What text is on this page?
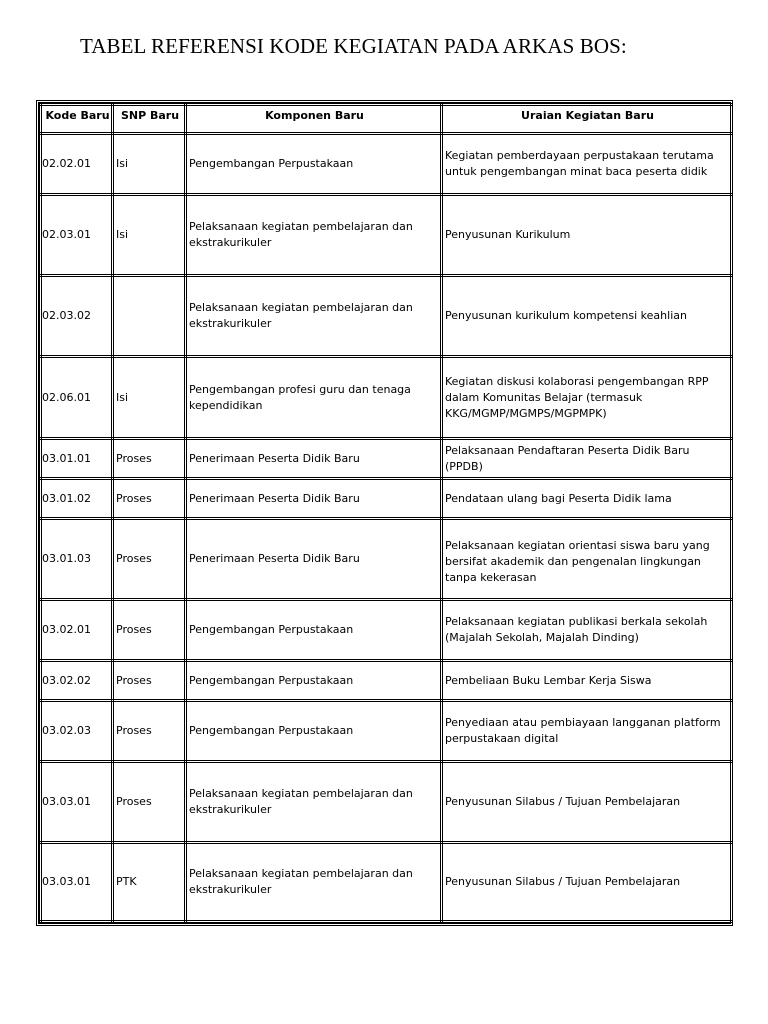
TABEL REFERENSI KODE KEGIATAN PADA ARKAS BOS:
Kode Baru	SNP Baru	Komponen Baru	Uraian Kegiatan Baru
02.02.01	Isi	Pengembangan Perpustakaan	Kegiatan pemberdayaan perpustakaan terutama untuk pengembangan minat baca peserta didik
02.03.01	Isi	Pelaksanaan kegiatan pembelajaran dan ekstrakurikuler	Penyusunan Kurikulum
02.03.02		Pelaksanaan kegiatan pembelajaran dan ekstrakurikuler	Penyusunan kurikulum kompetensi keahlian
02.06.01	Isi	Pengembangan profesi guru dan tenaga kependidikan	Kegiatan diskusi kolaborasi pengembangan RPP dalam Komunitas Belajar (termasuk KKG/MGMP/MGMPS/MGPMPK)
03.01.01	Proses	Penerimaan Peserta Didik Baru	Pelaksanaan Pendaftaran Peserta Didik Baru (PPDB)
03.01.02	Proses	Penerimaan Peserta Didik Baru	Pendataan ulang bagi Peserta Didik lama
03.01.03	Proses	Penerimaan Peserta Didik Baru	Pelaksanaan kegiatan orientasi siswa baru yang bersifat akademik dan pengenalan lingkungan tanpa kekerasan
03.02.01	Proses	Pengembangan Perpustakaan	Pelaksanaan kegiatan publikasi berkala sekolah (Majalah Sekolah, Majalah Dinding)
03.02.02	Proses	Pengembangan Perpustakaan	Pembeliaan Buku Lembar Kerja Siswa
03.02.03	Proses	Pengembangan Perpustakaan	Penyediaan atau pembiayaan langganan platform perpustakaan digital
03.03.01	Proses	Pelaksanaan kegiatan pembelajaran dan ekstrakurikuler	Penyusunan Silabus / Tujuan Pembelajaran
03.03.01	PTK	Pelaksanaan kegiatan pembelajaran dan ekstrakurikuler	Penyusunan Silabus / Tujuan Pembelajaran
